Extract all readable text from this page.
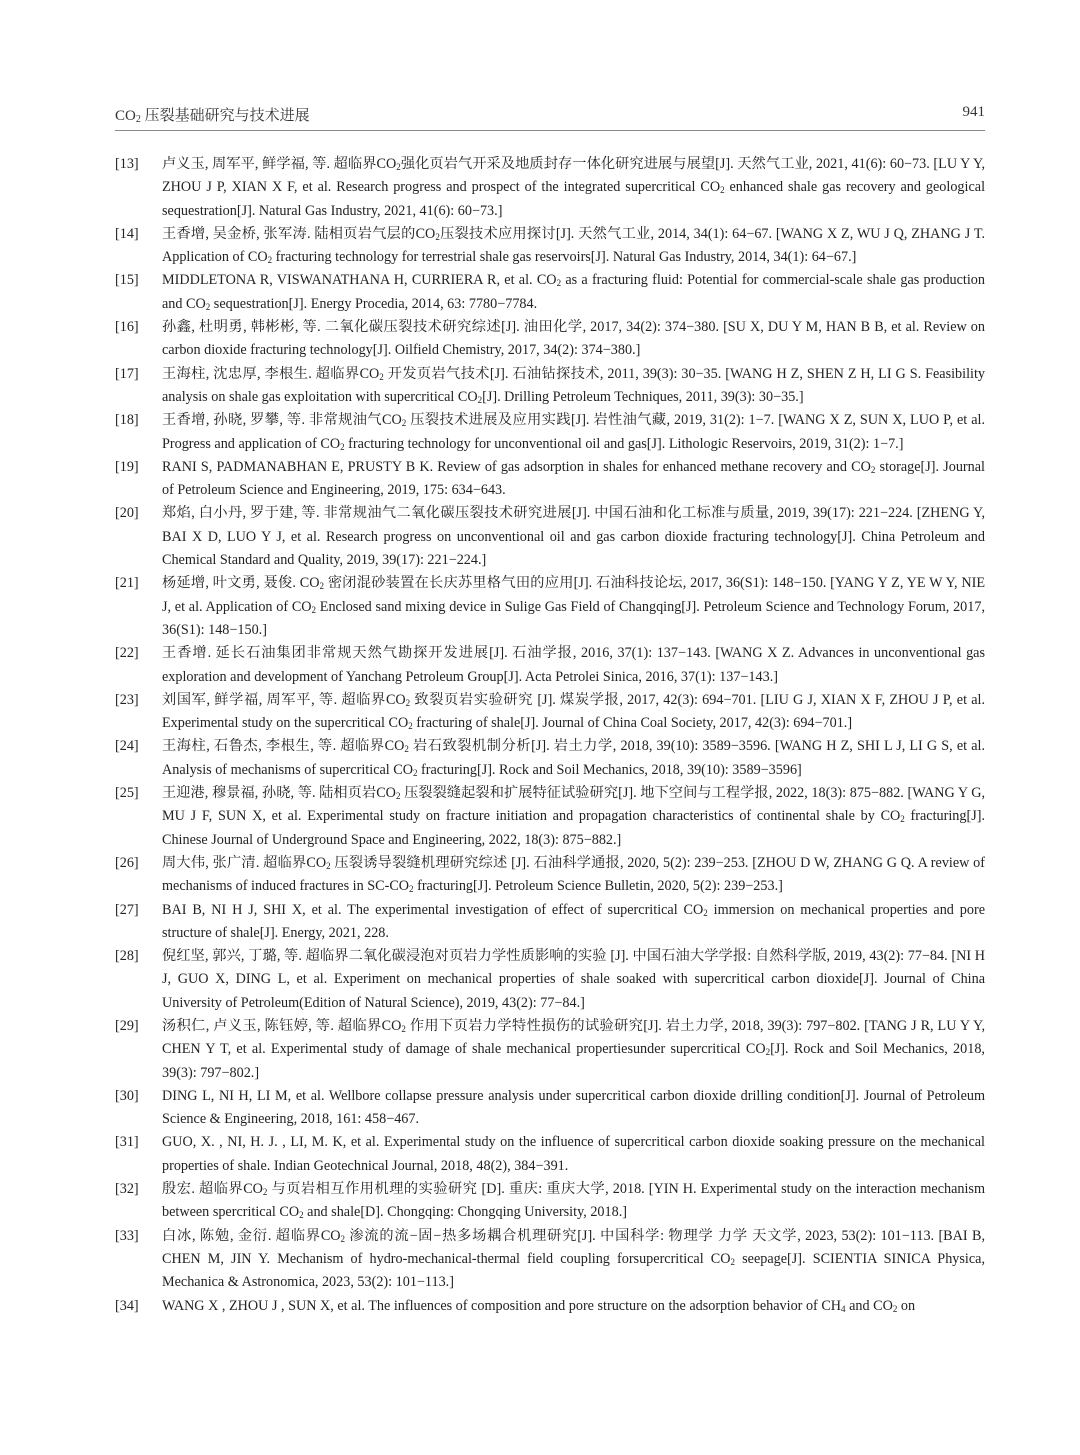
$CO_2$ 压裂基础研究与技术进展	941
[13] 卢义玉, 周军平, 鲜学福, 等. 超临界$CO_2$强化页岩气开采及地质封存一体化研究进展与展望[J]. 天然气工业, 2021, 41(6): 60−73. [LU Y Y, ZHOU J P, XIAN X F, et al. Research progress and prospect of the integrated supercritical $CO_2$ enhanced shale gas recovery and geological sequestration[J]. Natural Gas Industry, 2021, 41(6): 60−73.]
[14] 王香增, 吴金桥, 张军涛. 陆相页岩气层的$CO_2$压裂技术应用探讨[J]. 天然气工业, 2014, 34(1): 64−67. [WANG X Z, WU J Q, ZHANG J T. Application of $CO_2$ fracturing technology for terrestrial shale gas reservoirs[J]. Natural Gas Industry, 2014, 34(1): 64−67.]
[15] MIDDLETONA R, VISWANATHANA H, CURRIERA R, et al. $CO_2$ as a fracturing fluid: Potential for commercial-scale shale gas production and $CO_2$ sequestration[J]. Energy Procedia, 2014, 63: 7780−7784.
[16] 孙鑫, 杜明勇, 韩彬彬, 等. 二氧化碳压裂技术研究综述[J]. 油田化学, 2017, 34(2): 374−380. [SU X, DU Y M, HAN B B, et al. Review on carbon dioxide fracturing technology[J]. Oilfield Chemistry, 2017, 34(2): 374−380.]
[17] 王海柱, 沈忠厚, 李根生. 超临界$CO_2$ 开发页岩气技术[J]. 石油钻探技术, 2011, 39(3): 30−35. [WANG H Z, SHEN Z H, LI G S. Feasibility analysis on shale gas exploitation with supercritical $CO_2[J]$. Drilling Petroleum Techniques, 2011, 39(3): 30−35.]
[18] 王香增, 孙晓, 罗攀, 等. 非常规油气$CO_2$ 压裂技术进展及应用实践[J]. 岩性油气藏, 2019, 31(2): 1−7. [WANG X Z, SUN X, LUO P, et al. Progress and application of $CO_2$ fracturing technology for unconventional oil and gas[J]. Lithologic Reservoirs, 2019, 31(2): 1−7.]
[19] RANI S, PADMANABHAN E, PRUSTY B K. Review of gas adsorption in shales for enhanced methane recovery and $CO_2$ storage[J]. Journal of Petroleum Science and Engineering, 2019, 175: 634−643.
[20] 郑焰, 白小丹, 罗于建, 等. 非常规油气二氧化碳压裂技术研究进展[J]. 中国石油和化工标准与质量, 2019, 39(17): 221−224. [ZHENG Y, BAI X D, LUO Y J, et al. Research progress on unconventional oil and gas carbon dioxide fracturing technology[J]. China Petroleum and Chemical Standard and Quality, 2019, 39(17): 221−224.]
[21] 杨延增, 叶文勇, 聂俊. $CO_2$ 密闭混砂装置在长庆苏里格气田的应用[J]. 石油科技论坛, 2017, 36(S1): 148−150. [YANG Y Z, YE W Y, NIE J, et al. Application of $CO_2$ Enclosed sand mixing device in Sulige Gas Field of Changqing[J]. Petroleum Science and Technology Forum, 2017, 36(S1): 148−150.]
[22] 王香增. 延长石油集团非常规天然气勘探开发进展[J]. 石油学报, 2016, 37(1): 137−143. [WANG X Z. Advances in unconventional gas exploration and development of Yanchang Petroleum Group[J]. Acta Petrolei Sinica, 2016, 37(1): 137−143.]
[23] 刘国军, 鲜学福, 周军平, 等. 超临界$CO_2$ 致裂页岩实验研究 [J]. 煤炭学报, 2017, 42(3): 694−701. [LIU G J, XIAN X F, ZHOU J P, et al. Experimental study on the supercritical $CO_2$ fracturing of shale[J]. Journal of China Coal Society, 2017, 42(3): 694−701.]
[24] 王海柱, 石鲁杰, 李根生, 等. 超临界$CO_2$ 岩石致裂机制分析[J]. 岩土力学, 2018, 39(10): 3589−3596. [WANG H Z, SHI L J, LI G S, et al. Analysis of mechanisms of supercritical $CO_2$ fracturing[J]. Rock and Soil Mechanics, 2018, 39(10): 3589−3596]
[25] 王迎港, 穆景福, 孙晓, 等. 陆相页岩$CO_2$ 压裂裂缝起裂和扩展特征试验研究[J]. 地下空间与工程学报, 2022, 18(3): 875−882. [WANG Y G, MU J F, SUN X, et al. Experimental study on fracture initiation and propagation characteristics of continental shale by $CO_2$ fracturing[J]. Chinese Journal of Underground Space and Engineering, 2022, 18(3): 875−882.]
[26] 周大伟, 张广清. 超临界$CO_2$ 压裂诱导裂缝机理研究综述 [J]. 石油科学通报, 2020, 5(2): 239−253. [ZHOU D W, ZHANG G Q. A review of mechanisms of induced fractures in $SC-CO_2$ fracturing[J]. Petroleum Science Bulletin, 2020, 5(2): 239−253.]
[27] BAI B, NI H J, SHI X, et al. The experimental investigation of effect of supercritical $CO_2$ immersion on mechanical properties and pore structure of shale[J]. Energy, 2021, 228.
[28] 倪红坚, 郭兴, 丁璐, 等. 超临界二氧化碳浸泡对页岩力学性质影响的实验 [J]. 中国石油大学学报: 自然科学版, 2019, 43(2): 77−84. [NI H J, GUO X, DING L, et al. Experiment on mechanical properties of shale soaked with supercritical carbon dioxide[J]. Journal of China University of Petroleum(Edition of Natural Science), 2019, 43(2): 77−84.]
[29] 汤积仁, 卢义玉, 陈钰婷, 等. 超临界$CO_2$ 作用下页岩力学特性损伤的试验研究[J]. 岩土力学, 2018, 39(3): 797−802. [TANG J R, LU Y Y, CHEN Y T, et al. Experimental study of damage of shale mechanical propertiesunder supercritical $CO_2[J]$. Rock and Soil Mechanics, 2018, 39(3): 797−802.]
[30] DING L, NI H, LI M, et al. Wellbore collapse pressure analysis under supercritical carbon dioxide drilling condition[J]. Journal of Petroleum Science & Engineering, 2018, 161: 458−467.
[31] GUO, X. , NI, H. J. , LI, M. K, et al. Experimental study on the influence of supercritical carbon dioxide soaking pressure on the mechanical properties of shale. Indian Geotechnical Journal, 2018, 48(2), 384−391.
[32] 殷宏. 超临界$CO_2$ 与页岩相互作用机理的实验研究 [D]. 重庆: 重庆大学, 2018. [YIN H. Experimental study on the interaction mechanism between spercritical $CO_2$ and shale[D]. Chongqing: Chongqing University, 2018.]
[33] 白冰, 陈勉, 金衍. 超临界$CO_2$ 渗流的流−固−热多场耦合机理研究[J]. 中国科学: 物理学 力学 天文学, 2023, 53(2): 101−113. [BAI B, CHEN M, JIN Y. Mechanism of hydro-mechanical-thermal field coupling forsupercritical $CO_2$ seepage[J]. SCIENTIA SINICA Physica, Mechanica & Astronomica, 2023, 53(2): 101−113.]
[34] WANG X , ZHOU J , SUN X, et al. The influences of composition and pore structure on the adsorption behavior of $CH_4$ and $CO_2$ on
